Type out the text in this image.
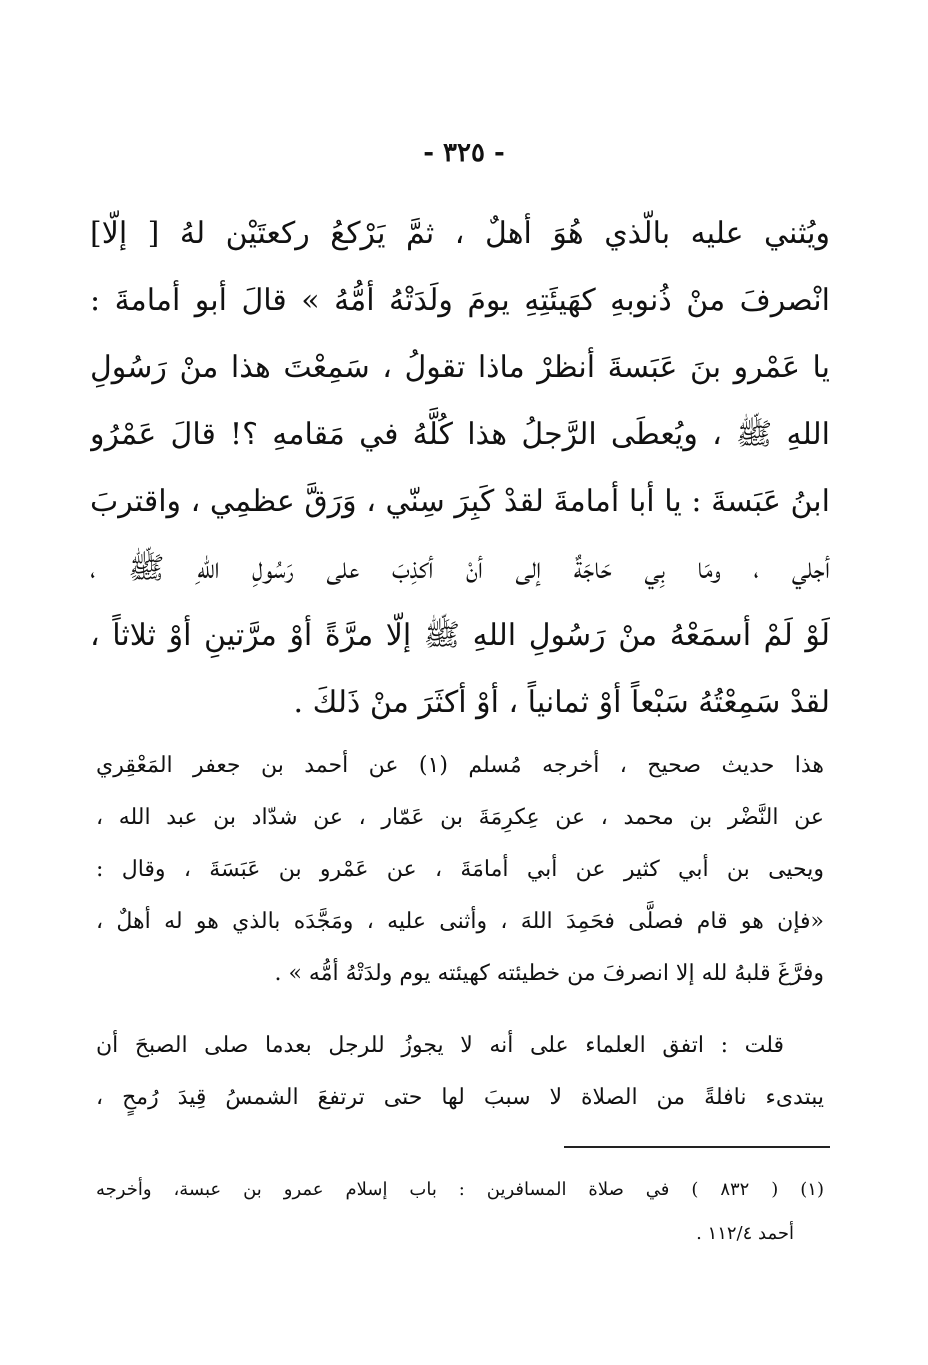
- ٣٢٥ -
ويُثني عليه بالّذي هُوَ أهلٌ ، ثمَّ يَرْكعُ ركعتَيْن لهُ [ إلّا]
انْصرفَ منْ ذُنوبهِ كهَيئَتِهِ يومَ ولَدَتْهُ أمُّهُ » قالَ أبو أمامةَ :
يا عَمْرو بنَ عَبَسةَ أنظرْ ماذا تقولُ ، سَمِعْتَ هذا منْ رَسُولِ
اللهِ ﷺ ، ويُعطَى الرَّجلُ هذا كُلَّهُ في مَقامهِ ؟! قالَ عَمْرُو
ابنُ عَبَسةَ : يا أبا أمامةَ لقدْ كَبِرَ سِنّي ، وَرَقَّ عظمِي ، واقتربَ
أجلي ، ومَا بِي حَاجَةٌ إلى أنْ أكذِبَ على رَسُولِ اللهِ ﷺ ،
لَوْ لَمْ أسمَعْهُ منْ رَسُولِ اللهِ ﷺ إلّا مرَّةً أوْ مرَّتينِ أوْ ثلاثاً ،
لقدْ سَمِعْتُهُ سَبْعاً أوْ ثمانياً ، أوْ أكثَرَ منْ ذَلكَ .
هذا حديث صحيح ، أخرجه مُسلم (١) عن أحمد بن جعفر المَعْقِري
عن النَّضْر بن محمد ، عن عِكرِمَةَ بن عَمّار ، عن شدّاد بن عبد الله ،
ويحيى بن أبي كثير عن أبي أمامَةَ ، عن عَمْرو بن عَبَسَةَ ، وقال :
«فإن هو قام فصلَّى فحَمِدَ اللهَ ، وأثنى عليه ، ومَجَّدَه بالذي هو له أهلٌ ،
وفرَّغَ قلبهُ لله إلا انصرفَ من خطيئته كهيئته يوم ولدَتْهُ أمُّه » .
قلت : اتفق العلماء على أنه لا يجوزُ للرجل بعدما صلى الصبحَ أن
يبتدىء نافلةً من الصلاة لا سببَ لها حتى ترتفعَ الشمسُ قِيدَ رُمحٍ ،
(١) ( ٨٣٢ ) في صلاة المسافرين : باب إسلام عمرو بن عبسة، وأخرجه
أحمد ١١٢/٤ .
